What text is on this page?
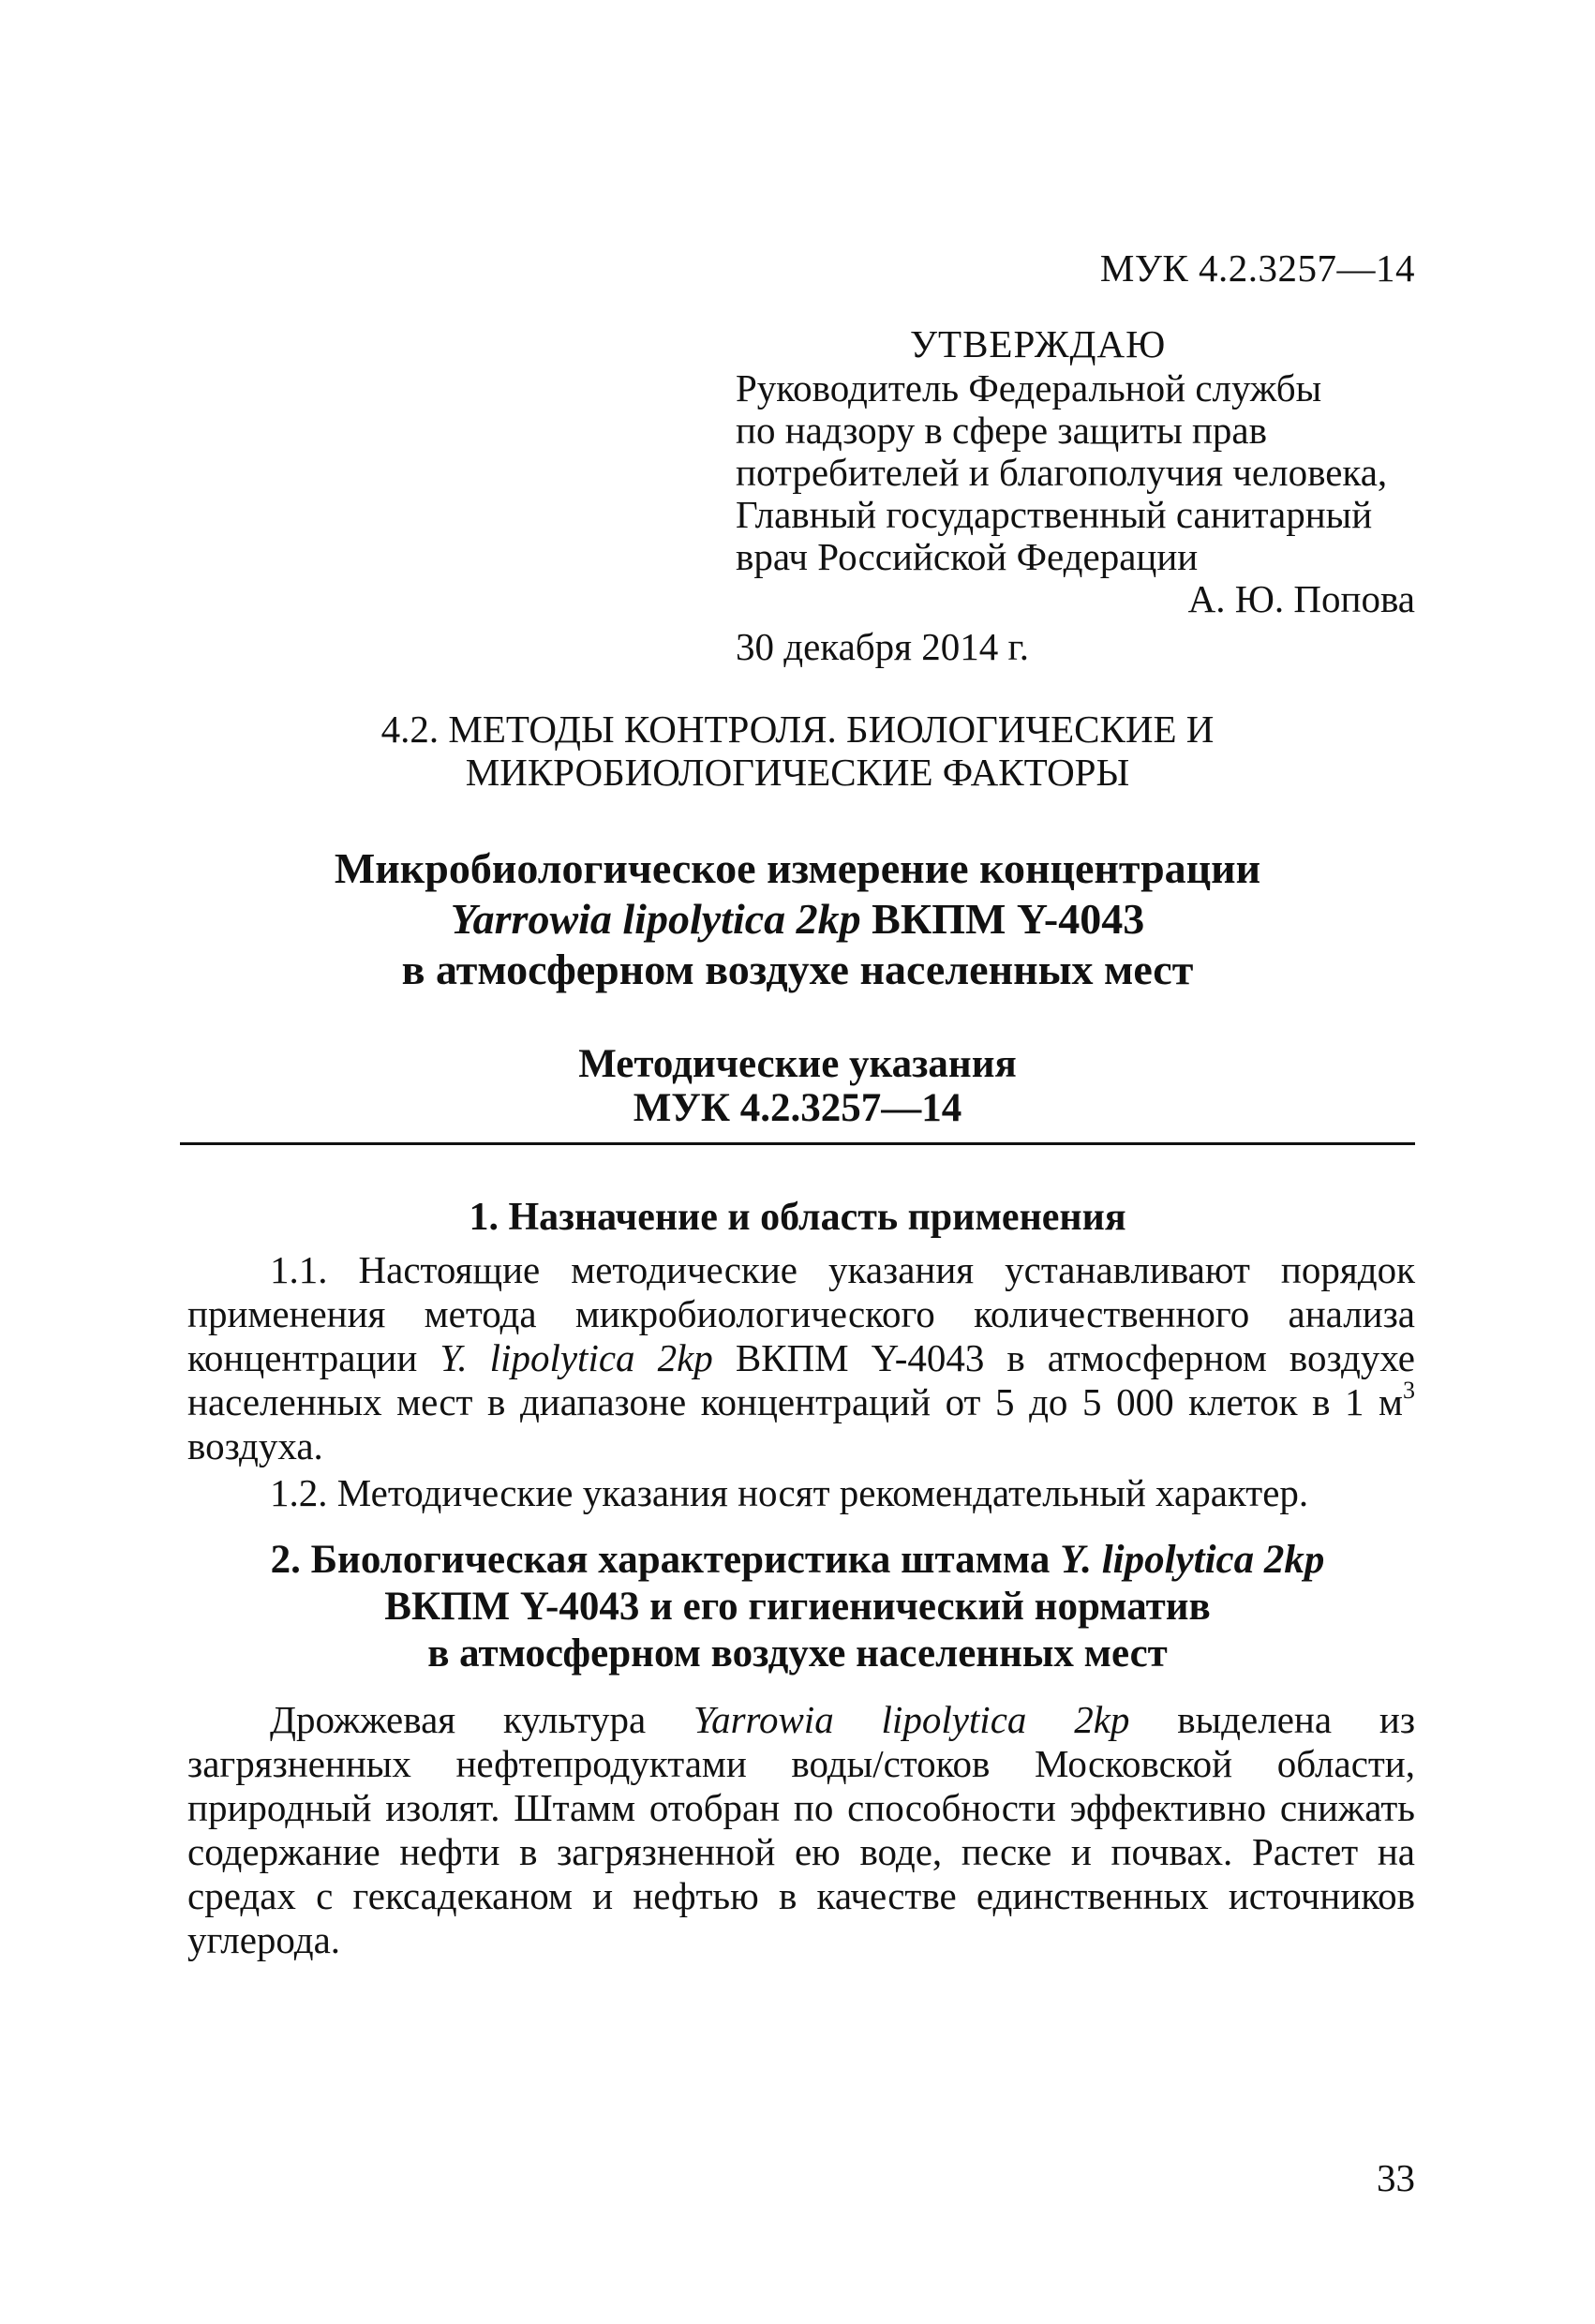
МУК 4.2.3257—14
УТВЕРЖДАЮ
Руководитель Федеральной службы
по надзору в сфере защиты прав
потребителей и благополучия человека,
Главный государственный санитарный
врач Российской Федерации
А. Ю. Попова
30 декабря 2014 г.
4.2. МЕТОДЫ КОНТРОЛЯ. БИОЛОГИЧЕСКИЕ И
МИКРОБИОЛОГИЧЕСКИЕ ФАКТОРЫ
Микробиологическое измерение концентрации
Yarrowia lipolytica 2kp ВКПМ Y-4043
в атмосферном воздухе населенных мест
Методические указания
МУК 4.2.3257—14
1. Назначение и область применения
1.1. Настоящие методические указания устанавливают порядок применения метода микробиологического количественного анализа концентрации Y. lipolytica 2kp ВКПМ Y-4043 в атмосферном воздухе населенных мест в диапазоне концентраций от 5 до 5 000 клеток в 1 $м^3$ воздуха.
1.2. Методические указания носят рекомендательный характер.
2. Биологическая характеристика штамма Y. lipolytica 2kp
ВКПМ Y-4043 и его гигиенический норматив
в атмосферном воздухе населенных мест
Дрожжевая культура Yarrowia lipolytica 2kp выделена из загрязненных нефтепродуктами воды/стоков Московской области, природный изолят. Штамм отобран по способности эффективно снижать содержание нефти в загрязненной ею воде, песке и почвах. Растет на средах с гексадеканом и нефтью в качестве единственных источников углерода.
33
